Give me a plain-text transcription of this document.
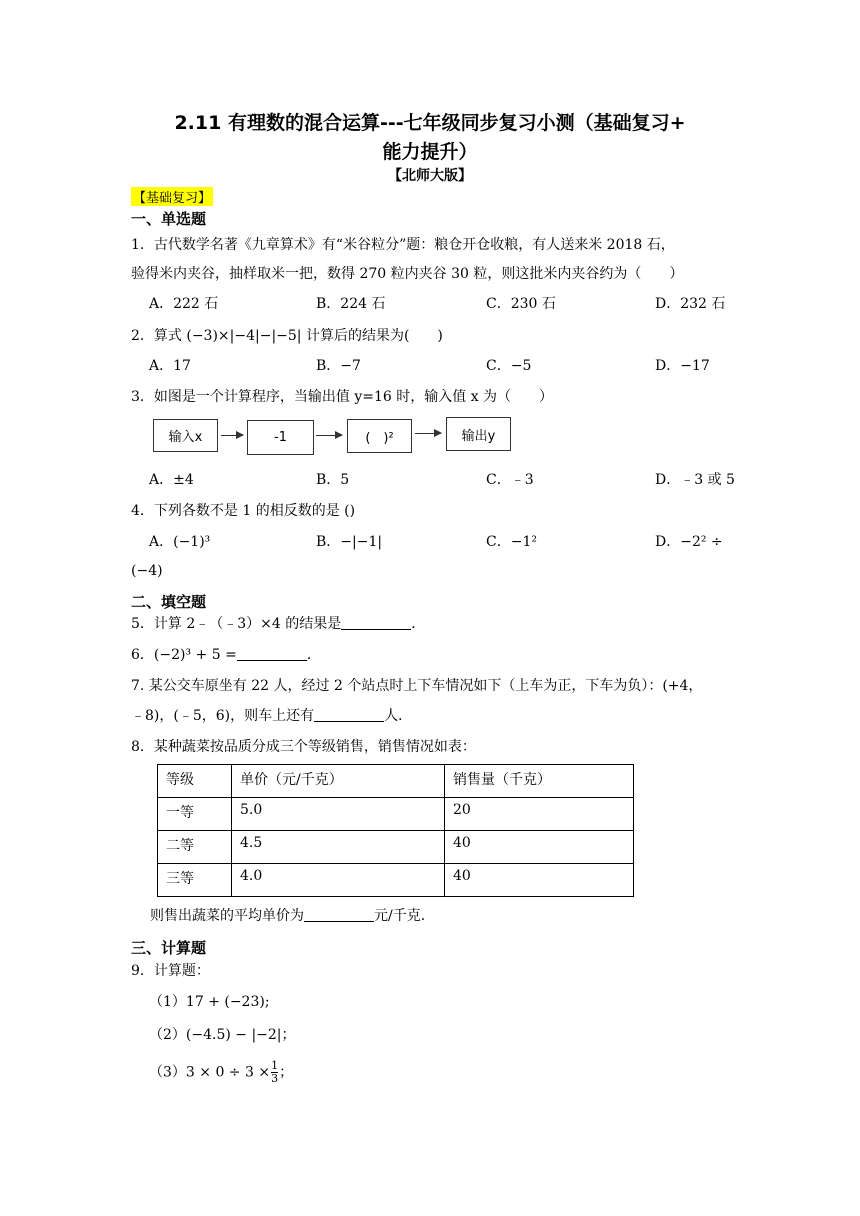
2.11 有理数的混合运算---七年级同步复习小测（基础复习+
能力提升）
【北师大版】
【基础复习】
一、单选题
1．古代数学名著《九章算术》有“米谷粒分”题：粮仓开仓收粮，有人送来米 2018 石，
验得米内夹谷，抽样取米一把，数得 270 粒内夹谷 30 粒，则这批米内夹谷约为（　　）
A．222 石	B．224 石	C．230 石	D．232 石
2．算式 (−3)×|−4|−|−5| 计算后的结果为(　　)
A．17	B．−7	C．−5	D．−17
3．如图是一个计算程序，当输出值 y=16 时，输入值 x 为（　　）
输入x	-1	(　)²	输出y
A．±4	B．5	C．﹣3	D．﹣3 或 5
4．下列各数不是 1 的相反数的是 ()
A．(−1)³	B．−|−1|	C．−1²	D．−2² ÷
(−4)
二、填空题
5．计算 2﹣（﹣3）×4 的结果是	．
6．(−2)³ + 5 =	．
7. 某公交车原坐有 22 人，经过 2 个站点时上下车情况如下（上车为正，下车为负）：(+4，
﹣8)，(﹣5，6)，则车上还有	人．
8．某种蔬菜按品质分成三个等级销售，销售情况如表：
等级	单价（元/千克）	销售量（千克）
一等	5.0	20
二等	4.5	40
三等	4.0	40
则售出蔬菜的平均单价为	元/千克．
三、计算题
9．计算题：
（1）17 + (−23);
（2）(−4.5) − |−2|；
$(3)3 \times 0 \div 3 \times \frac{1}{3}$ ；
